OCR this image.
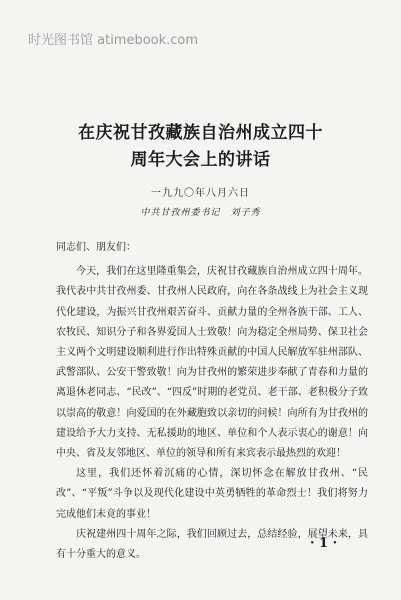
时光图书馆 atimebook.com
在庆祝甘孜藏族自治州成立四十
周年大会上的讲话
一九九〇年八月六日
中共甘孜州委书记　刘子秀

同志们、朋友们：

今天，我们在这里隆重集会，庆祝甘孜藏族自治州成立四十周年。我代表中共甘孜州委、甘孜州人民政府，向在各条战线上为社会主义现代化建设，为振兴甘孜州艰苦奋斗、贡献力量的全州各族干部、工人、农牧民、知识分子和各界爱国人士致敬！向为稳定全州局势、保卫社会主义两个文明建设顺利进行作出特殊贡献的中国人民解放军驻州部队、武警部队、公安干警致敬！向为甘孜州的繁荣进步奉献了青春和力量的离退休老同志、“民改”、“四反”时期的老党员、老干部、老积极分子致以崇高的敬意！向爱国的在外藏胞致以亲切的问候！向所有为甘孜州的建设给予大力支持、无私援助的地区、单位和个人表示衷心的谢意！向中央、省及友邻地区、单位的领导和所有来宾表示最热烈的欢迎！

这里，我们还怀着沉痛的心情，深切怀念在解放甘孜州、“民改”、“平叛”斗争以及现代化建设中英勇牺牲的革命烈士！我们将努力完成他们未竟的事业！

庆祝建州四十周年之际，我们回顾过去，总结经验，展望未来，具有十分重大的意义。

· 1 ·
